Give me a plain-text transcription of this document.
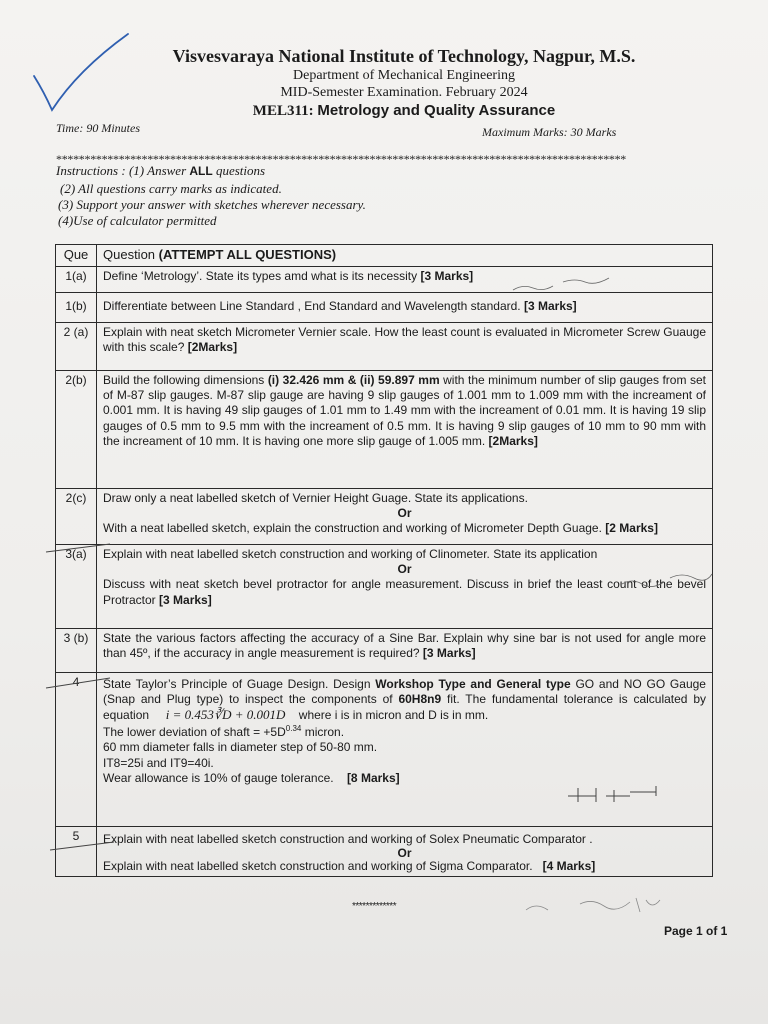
Visvesvaraya National Institute of Technology, Nagpur, M.S.
Department of Mechanical Engineering
MID-Semester Examination. February 2024
MEL311: Metrology and Quality Assurance
Time: 90 Minutes	Maximum Marks: 30 Marks
****************************************************************************************************
Instructions : (1) Answer ALL questions
(2) All questions carry marks as indicated.
(3) Support your answer with sketches wherever necessary.
(4)Use of calculator permitted
Que	Question (ATTEMPT ALL QUESTIONS)
1(a)	Define ‘Metrology’. State its types amd what is its necessity [3 Marks]
1(b)	Differentiate between Line Standard , End Standard and Wavelength standard. [3 Marks]
2 (a)	Explain with neat sketch Micrometer Vernier scale. How the least count is evaluated in Micrometer Screw Guauge with this scale? [2Marks]
2(b)	Build the following dimensions (i) 32.426 mm & (ii) 59.897 mm with the minimum number of slip gauges from set of M-87 slip gauges. M-87 slip gauge are having 9 slip gauges of 1.001 mm to 1.009 mm with the increament of 0.001 mm. It is having 49 slip gauges of 1.01 mm to 1.49 mm with the increament of 0.01 mm. It is having 19 slip gauges of 0.5 mm to 9.5 mm with the increament of 0.5 mm. It is having 9 slip gauges of 10 mm to 90 mm with the increament of 10 mm. It is having one more slip gauge of 1.005 mm. [2Marks]
2(c)	Draw only a neat labelled sketch of Vernier Height Guage. State its applications.
Or
With a neat labelled sketch, explain the construction and working of Micrometer Depth Guage. [2 Marks]
3(a)	Explain with neat labelled sketch construction and working of Clinometer. State its application
Or
Discuss with neat sketch bevel protractor for angle measurement. Discuss in brief the least count of the bevel Protractor [3 Marks]
3 (b)	State the various factors affecting the accuracy of a Sine Bar. Explain why sine bar is not used for angle more than 45º, if the accuracy in angle measurement is required? [3 Marks]
4	State Taylor’s Principle of Guage Design. Design Workshop Type and General type GO and NO GO Gauge (Snap and Plug type) to inspect the components of 60H8n9 fit. The fundamental tolerance is calculated by equation i = 0.453∛D + 0.001D where i is in micron and D is in mm.
The lower deviation of shaft = $+5D^{0.34}$ micron.
60 mm diameter falls in diameter step of 50-80 mm.
IT8=25i and IT9=40i.
Wear allowance is 10% of gauge tolerance. [8 Marks]

5	Explain with neat labelled sketch construction and working of Solex Pneumatic Comparator .
Or
Explain with neat labelled sketch construction and working of Sigma Comparator. [4 Marks]
*************
Page 1 of 1
